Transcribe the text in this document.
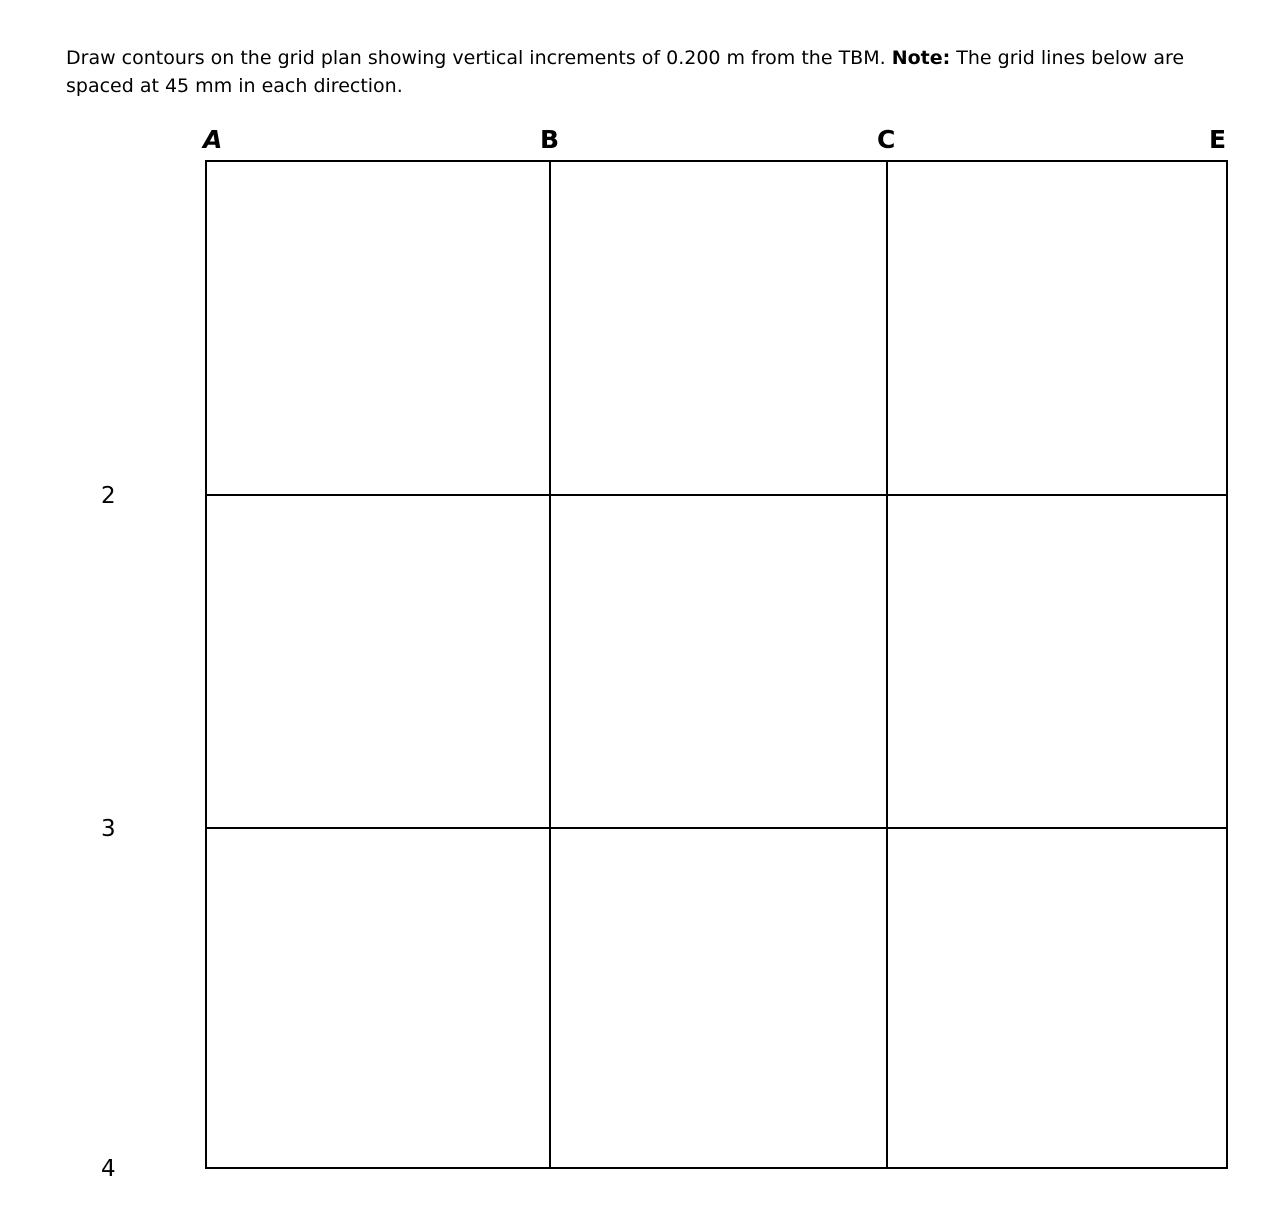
Draw contours on the grid plan showing vertical increments of 0.200 m from the TBM. Note: The grid lines below are spaced at 45 mm in each direction.

A	B	C	E
2
3
4
